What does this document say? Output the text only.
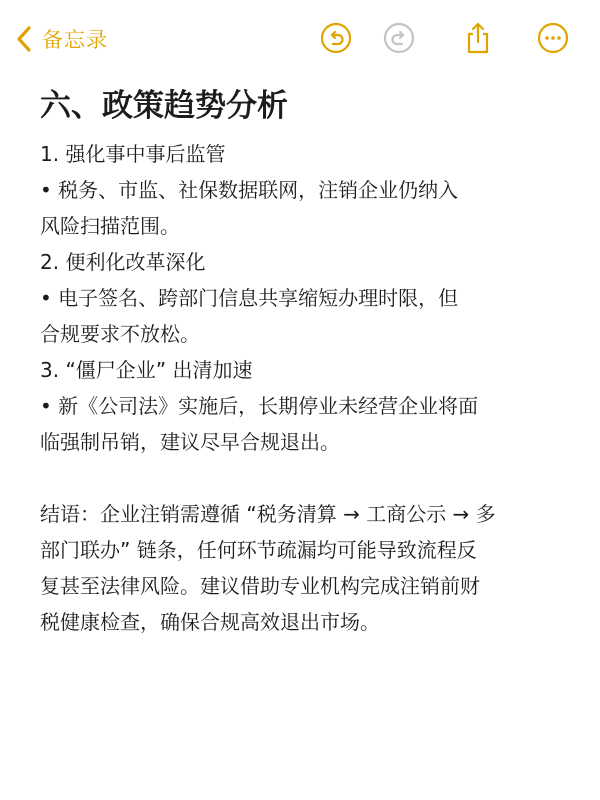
备忘录
六、政策趋势分析
1. 强化事中事后监管
• 税务、市监、社保数据联网，注销企业仍纳入
风险扫描范围。
2. 便利化改革深化
• 电子签名、跨部门信息共享缩短办理时限，但
合规要求不放松。
3. “僵尸企业” 出清加速
• 新《公司法》实施后，长期停业未经营企业将面
临强制吊销，建议尽早合规退出。
结语：企业注销需遵循 “税务清算 → 工商公示 → 多
部门联办” 链条，任何环节疏漏均可能导致流程反
复甚至法律风险。建议借助专业机构完成注销前财
税健康检查，确保合规高效退出市场。
